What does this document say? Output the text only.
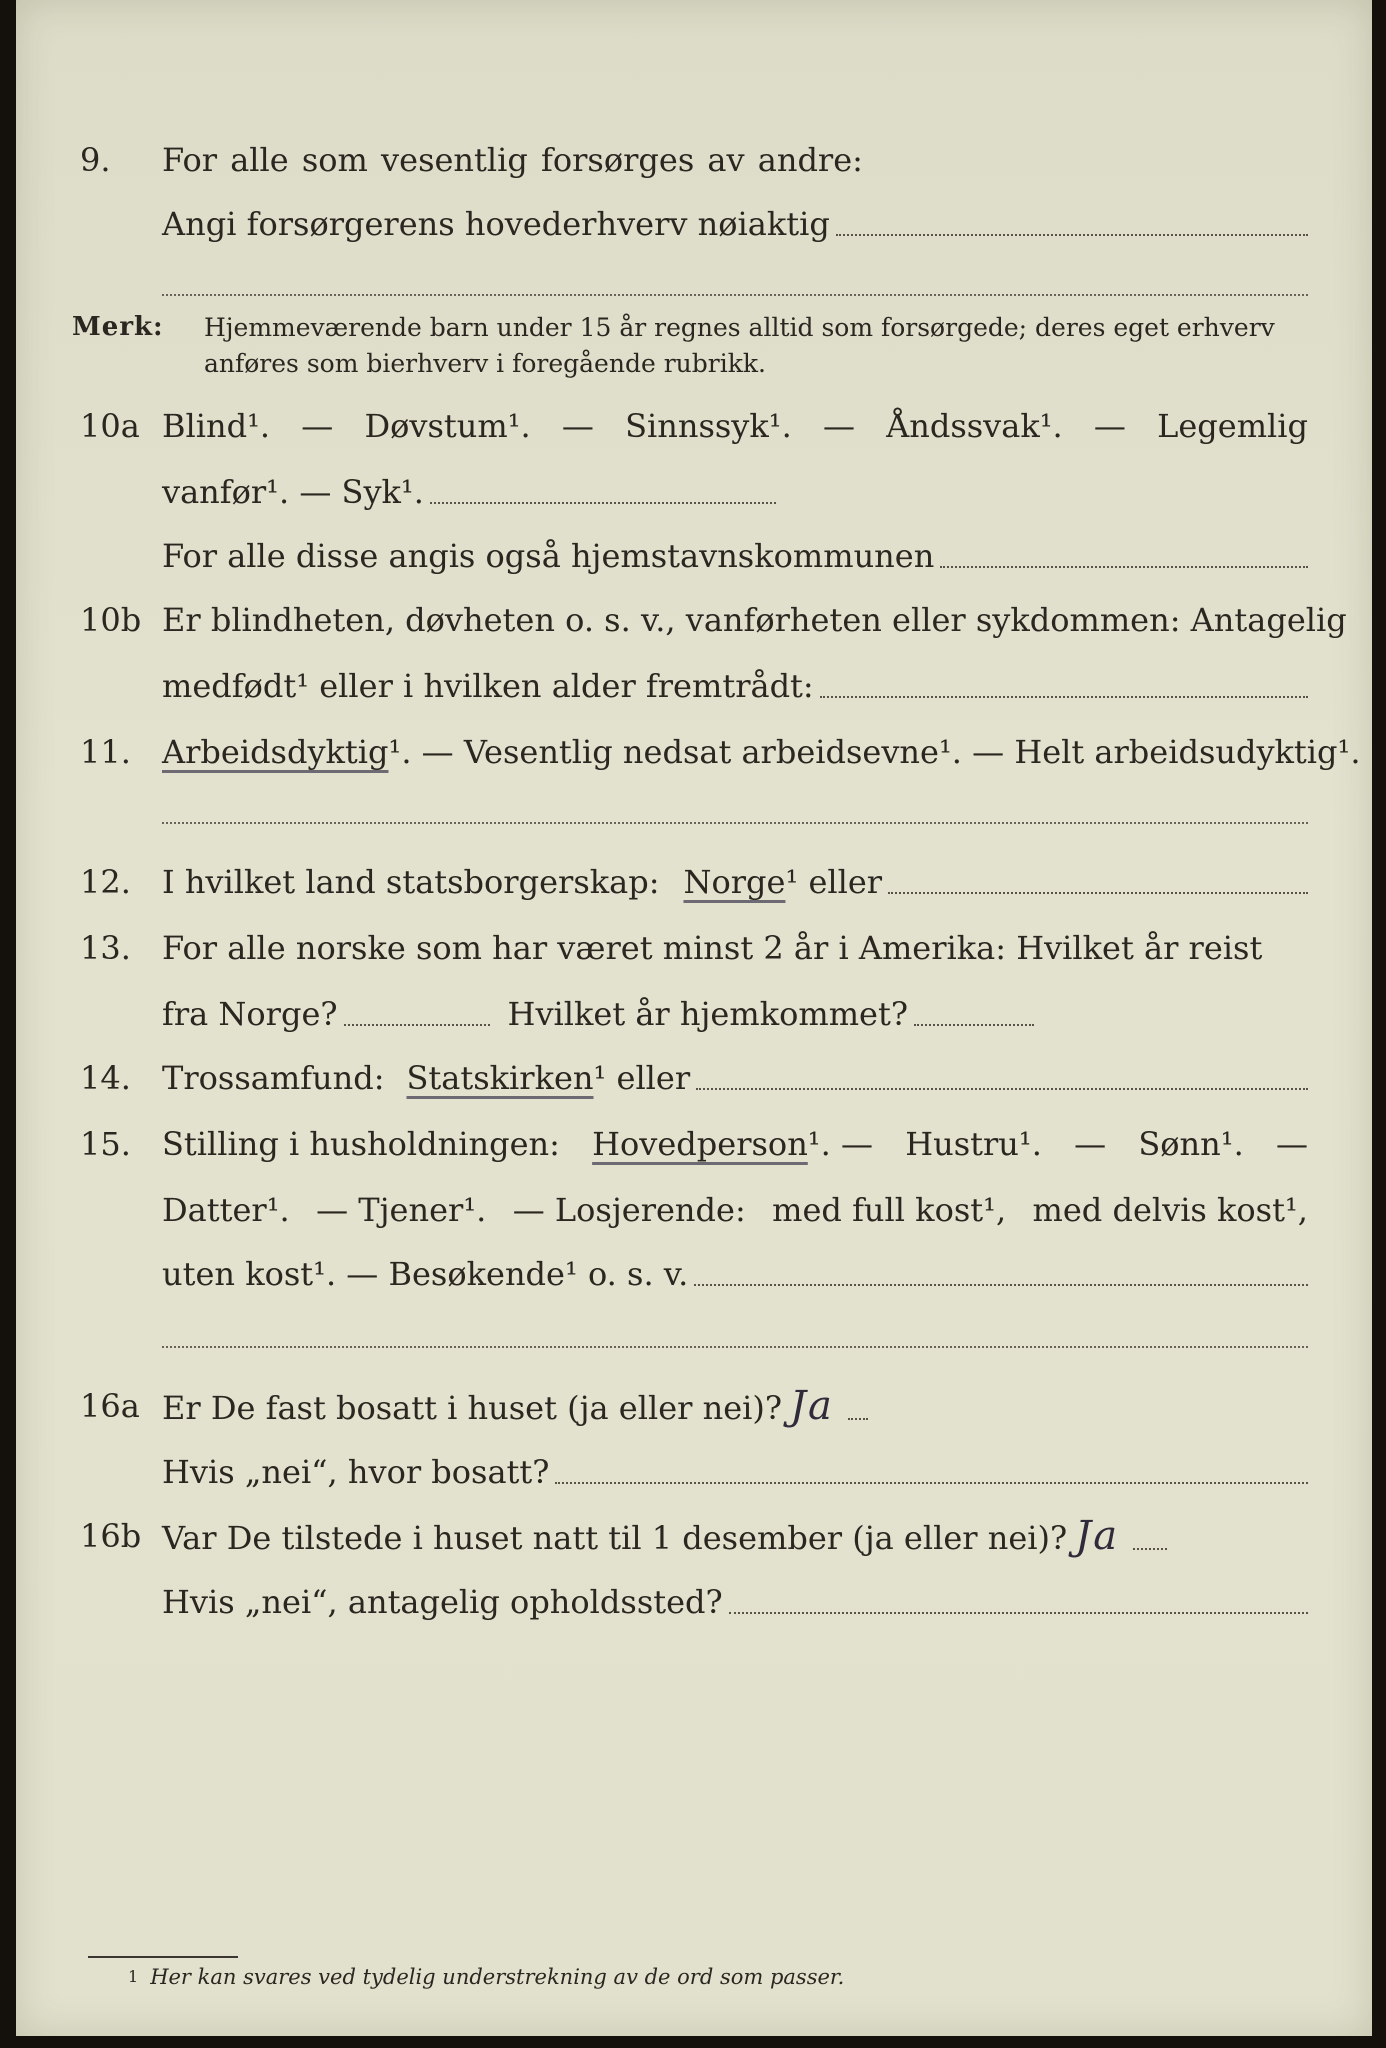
9.	For alle som vesentlig forsørges av andre:
Angi forsørgerens hovederhverv nøiaktig
Merk: Hjemmeværende barn under 15 år regnes alltid som forsørgede; deres eget erhverv anføres som bierhverv i foregående rubrikk.
10a Blind¹. — Døvstum¹. — Sinnssyk¹. — Åndssvak¹. — Legemlig
vanfør¹. — Syk¹.
For alle disse angis også hjemstavnskommunen
10b Er blindheten, døvheten o. s. v., vanførheten eller sykdommen: Antagelig
medfødt¹ eller i hvilken alder fremtrådt:
11. Arbeidsdyktig ¹. — Vesentlig nedsat arbeidsevne¹. — Helt arbeidsudyktig¹.
12. I hvilket land statsborgerskap: Norge ¹ eller
13. For alle norske som har været minst 2 år i Amerika: Hvilket år reist
fra Norge?	Hvilket år hjemkommet?
14. Trossamfund: Statskirken ¹ eller
15. Stilling i husholdningen: Hovedperson¹. — Hustru¹. — Sønn¹. —
Datter¹. — Tjener¹. — Losjerende: med full kost¹, med delvis kost¹,
uten kost¹. — Besøkende¹ o. s. v.
16a Er De fast bosatt i huset (ja eller nei)? Ja
Hvis „nei“, hvor bosatt?
16b Var De tilstede i huset natt til 1 desember (ja eller nei)? Ja
Hvis „nei“, antagelig opholdssted?
1 Her kan svares ved tydelig understrekning av de ord som passer.
